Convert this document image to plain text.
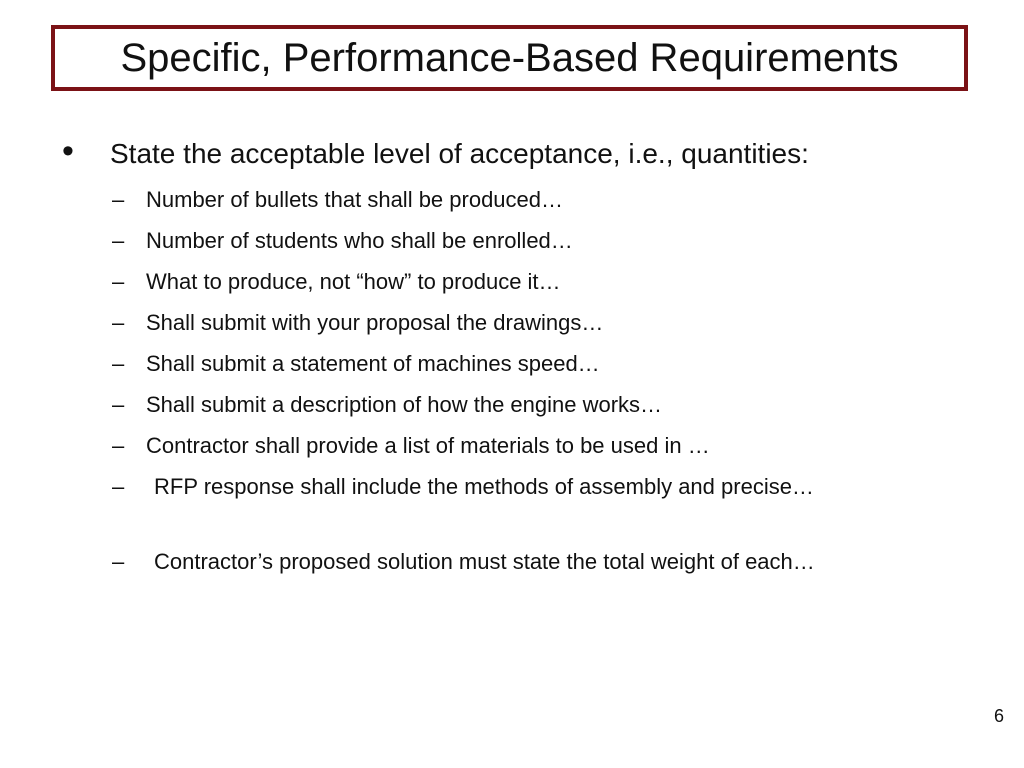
Specific, Performance-Based Requirements
• State the acceptable level of acceptance, i.e., quantities:
– Number of bullets that shall be produced…
– Number of students who shall be enrolled…
– What to produce, not “how” to produce it…
– Shall submit with your proposal the drawings…
– Shall submit a statement of machines speed…
– Shall submit a description of how the engine works…
– Contractor shall provide a list of materials to be used in …
–	RFP response shall include the methods of assembly and precise…
–	Contractor’s proposed solution must state the total weight of each…
6
